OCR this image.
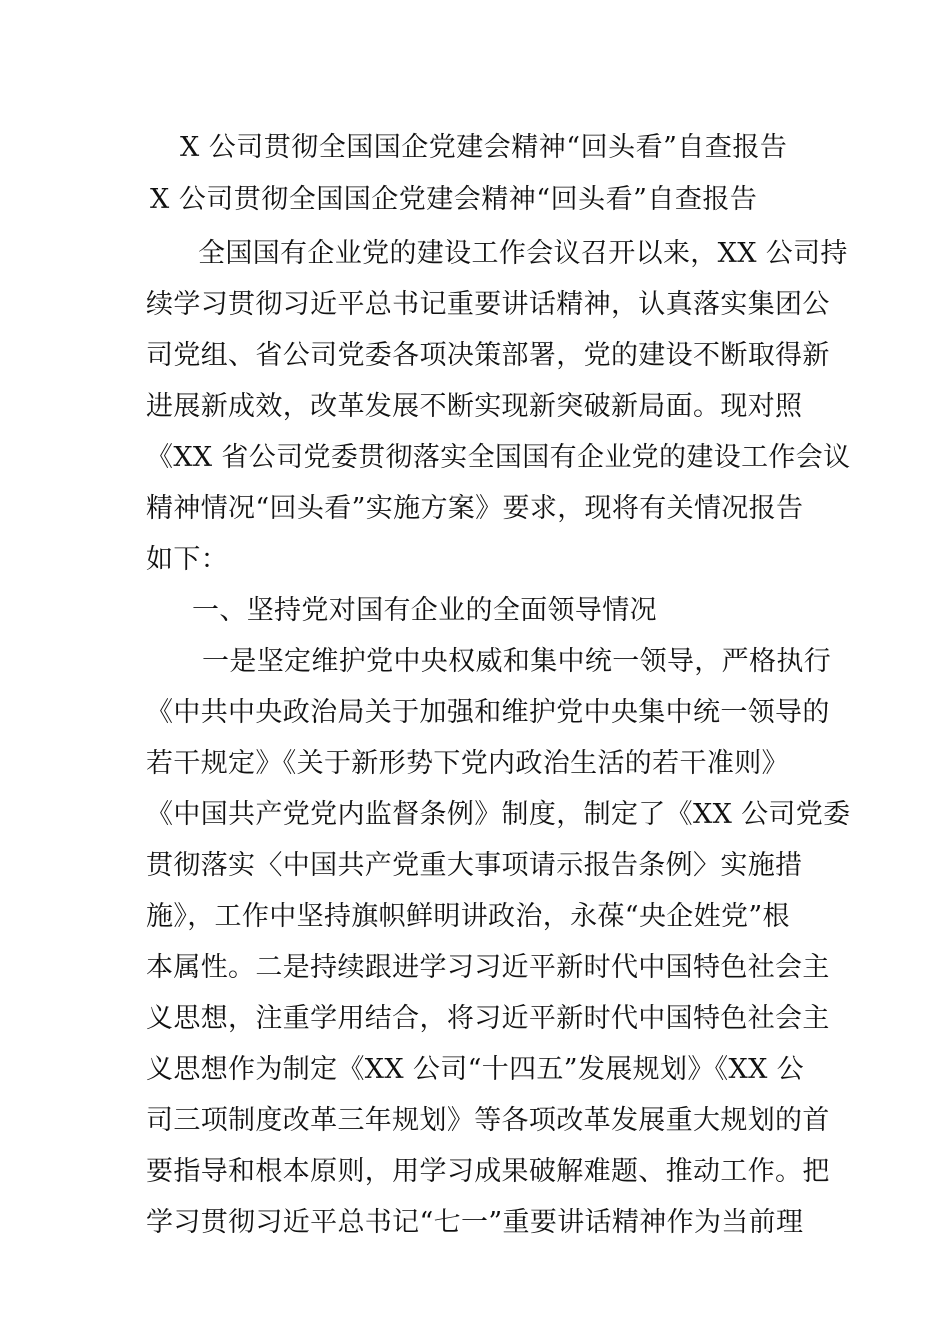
X 公司贯彻全国国企党建会精神“回头看”自查报告
X 公司贯彻全国国企党建会精神“回头看”自查报告
全国国有企业党的建设工作会议召开以来，XX 公司持
续学习贯彻习近平总书记重要讲话精神，认真落实集团公
司党组、省公司党委各项决策部署，党的建设不断取得新
进展新成效，改革发展不断实现新突破新局面。现对照
《XX 省公司党委贯彻落实全国国有企业党的建设工作会议
精神情况“回头看”实施方案》要求，现将有关情况报告
如下：
一、坚持党对国有企业的全面领导情况
一是坚定维护党中央权威和集中统一领导，严格执行
《中共中央政治局关于加强和维护党中央集中统一领导的
若干规定》《关于新形势下党内政治生活的若干准则》
《中国共产党党内监督条例》制度，制定了《XX 公司党委
贯彻落实〈中国共产党重大事项请示报告条例〉实施措
施》，工作中坚持旗帜鲜明讲政治，永葆“央企姓党”根
本属性。二是持续跟进学习习近平新时代中国特色社会主
义思想，注重学用结合，将习近平新时代中国特色社会主
义思想作为制定《XX 公司“十四五”发展规划》《XX 公
司三项制度改革三年规划》等各项改革发展重大规划的首
要指导和根本原则，用学习成果破解难题、推动工作。把
学习贯彻习近平总书记“七一”重要讲话精神作为当前理
